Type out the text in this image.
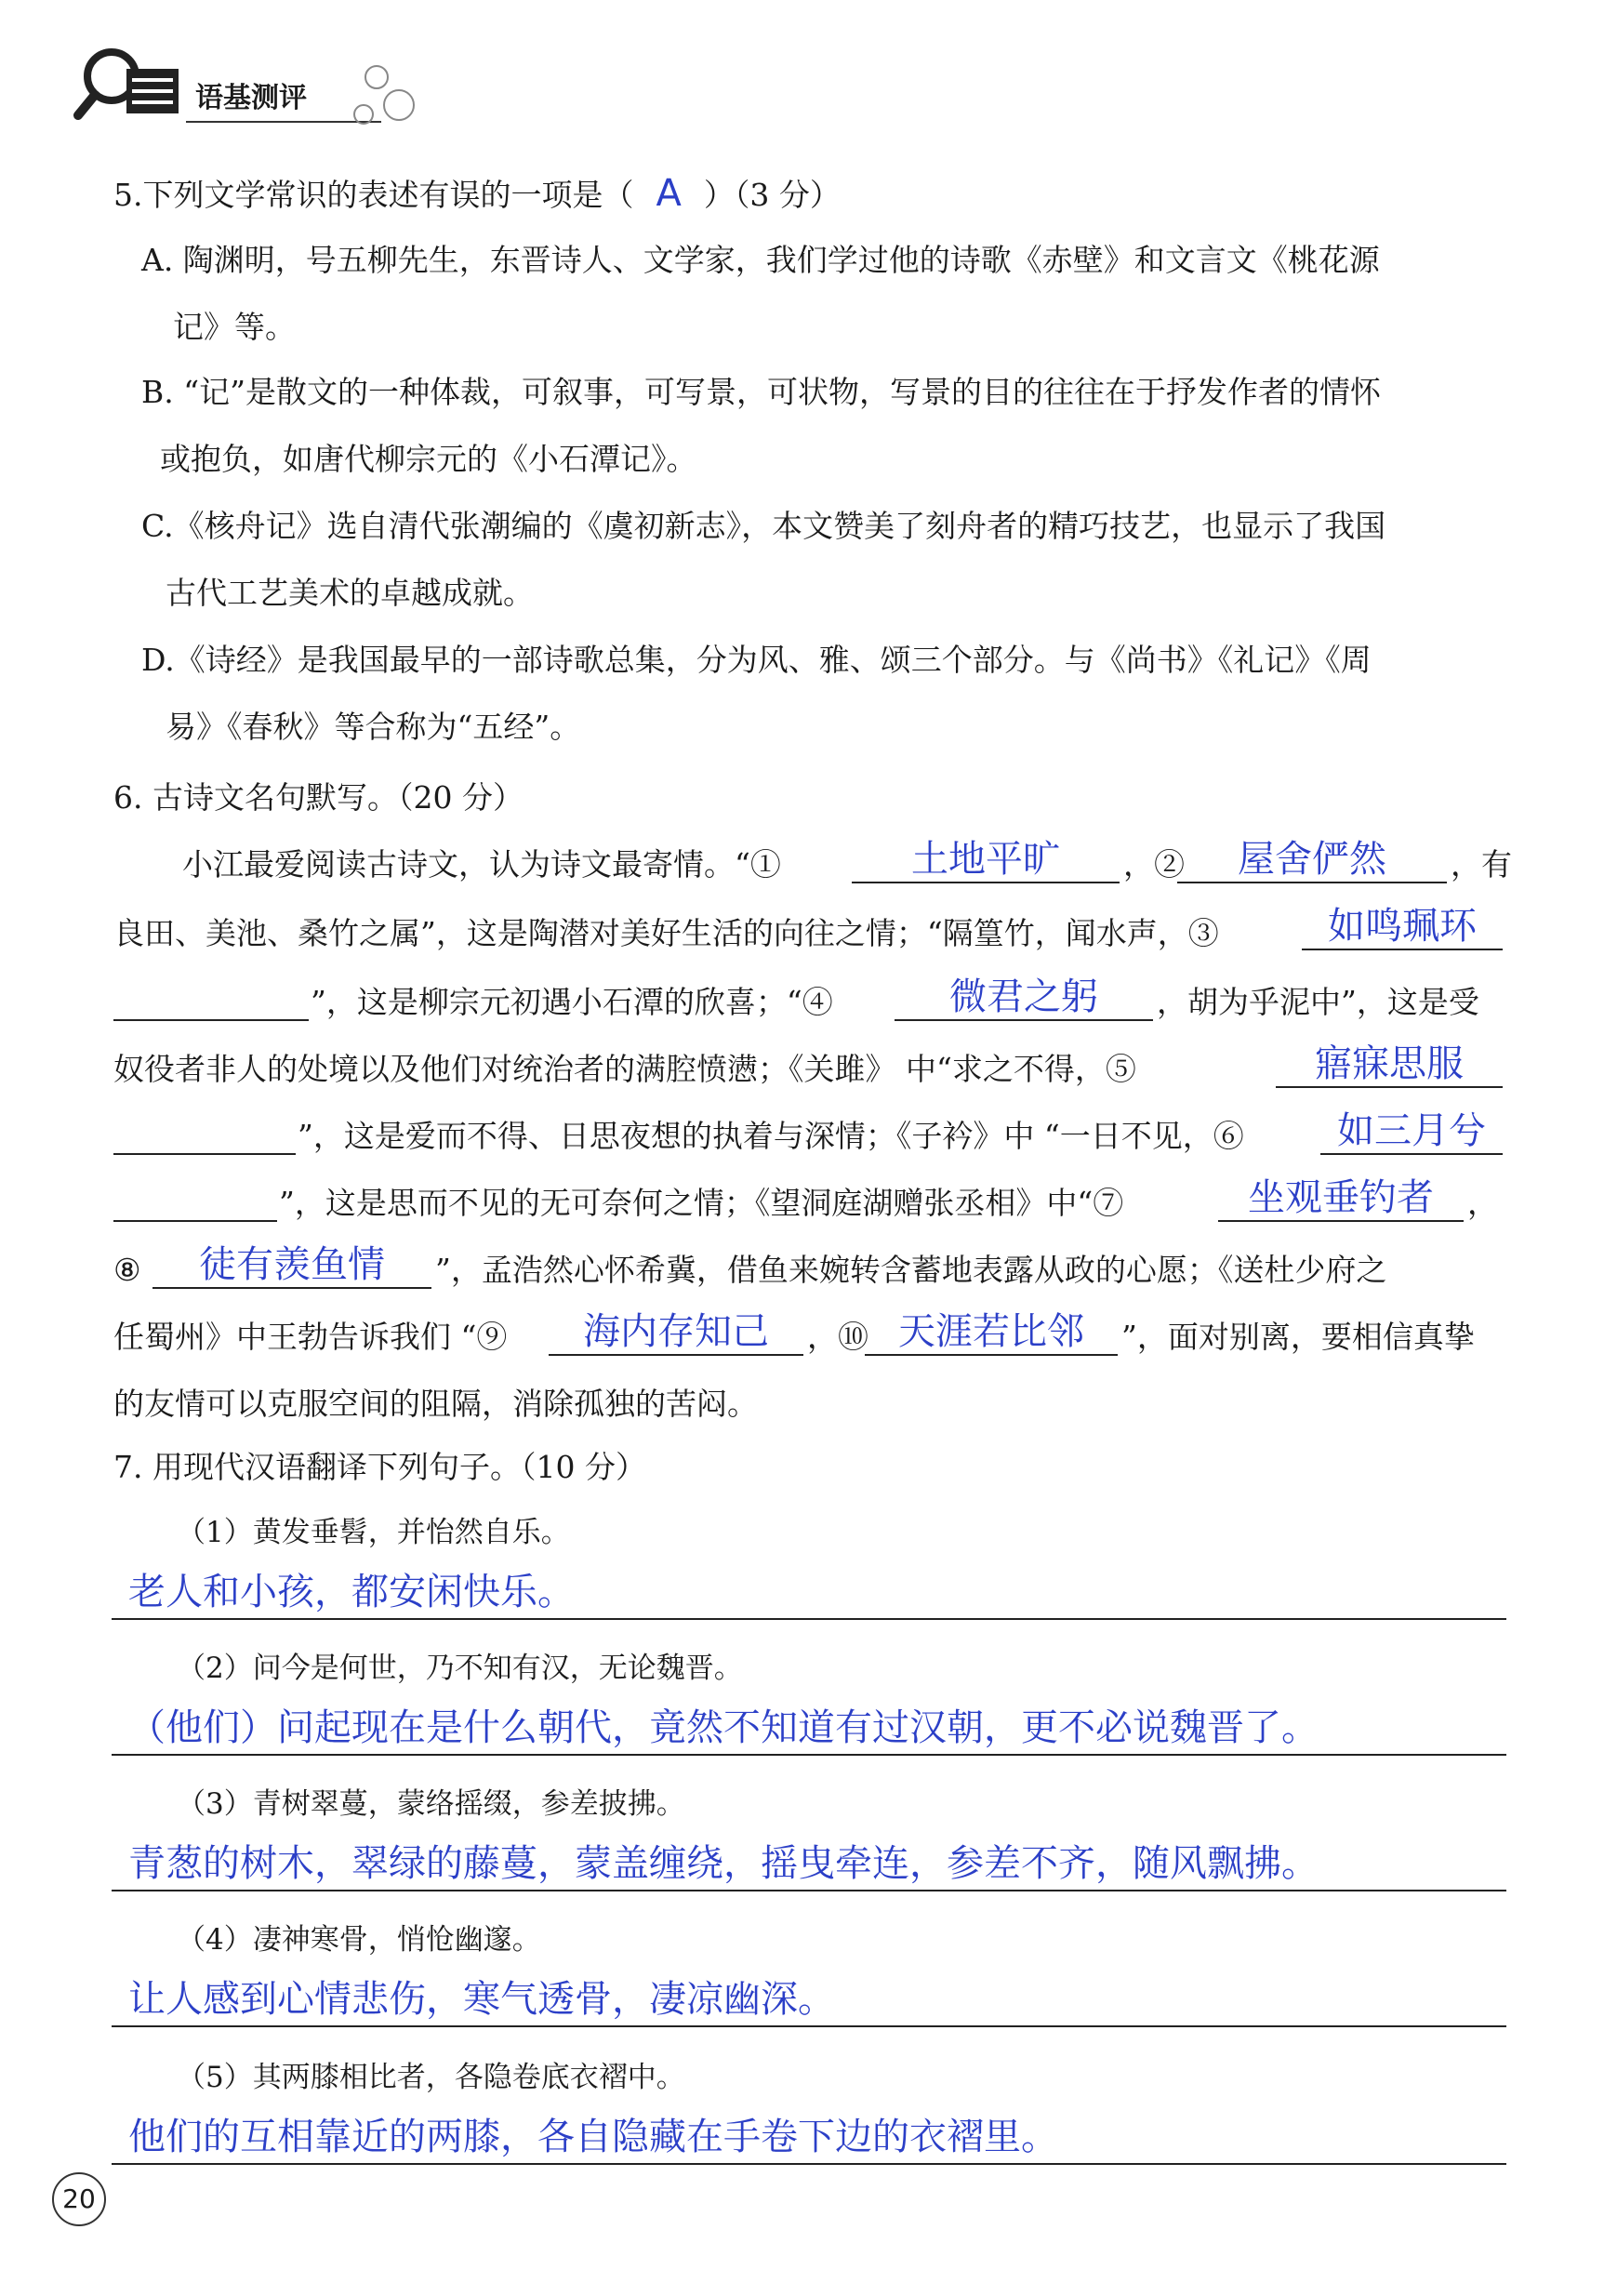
语基测评
5.下列文学常识的表述有误的一项是（ A ）（3 分）
A. 陶渊明，号五柳先生，东晋诗人、文学家，我们学过他的诗歌《赤壁》和文言文《桃花源
记》等。
B. “记”是散文的一种体裁，可叙事，可写景，可状物，写景的目的往往在于抒发作者的情怀
或抱负，如唐代柳宗元的《小石潭记》。
C.《核舟记》选自清代张潮编的《虞初新志》，本文赞美了刻舟者的精巧技艺，也显示了我国
古代工艺美术的卓越成就。
D.《诗经》是我国最早的一部诗歌总集，分为风、雅、颂三个部分。与《尚书》《礼记》《周
易》《春秋》等合称为“五经”。
6. 古诗文名句默写。（20 分）
小江最爱阅读古诗文，认为诗文最寄情。“①	土地平旷	，②	屋舍俨然	，有
良田、美池、桑竹之属”，这是陶潜对美好生活的向往之情；“隔篁竹，闻水声，③	如鸣珮环
”，这是柳宗元初遇小石潭的欣喜；“④	微君之躬	，胡为乎泥中”，这是受
奴役者非人的处境以及他们对统治者的满腔愤懑；《关雎》 中“求之不得，⑤	寤寐思服
”，这是爱而不得、日思夜想的执着与深情；《子衿》中 “一日不见，⑥	如三月兮
”，这是思而不见的无可奈何之情；《望洞庭湖赠张丞相》中“⑦	坐观垂钓者	，
⑧	徒有羡鱼情	”，孟浩然心怀希冀，借鱼来婉转含蓄地表露从政的心愿；《送杜少府之
任蜀州》中王勃告诉我们 “⑨	海内存知己	，⑩ 天涯若比邻	”，面对别离，要相信真挚
的友情可以克服空间的阻隔，消除孤独的苦闷。
7. 用现代汉语翻译下列句子。（10 分）
（1）黄发垂髫，并怡然自乐。
老人和小孩，都安闲快乐。
（2）问今是何世，乃不知有汉，无论魏晋。
（他们）问起现在是什么朝代，竟然不知道有过汉朝，更不必说魏晋了。
（3）青树翠蔓，蒙络摇缀，参差披拂。
青葱的树木，翠绿的藤蔓，蒙盖缠绕，摇曳牵连，参差不齐，随风飘拂。
（4）凄神寒骨，悄怆幽邃。
让人感到心情悲伤，寒气透骨，凄凉幽深。
（5）其两膝相比者，各隐卷底衣褶中。
他们的互相靠近的两膝，各自隐藏在手卷下边的衣褶里。
20
